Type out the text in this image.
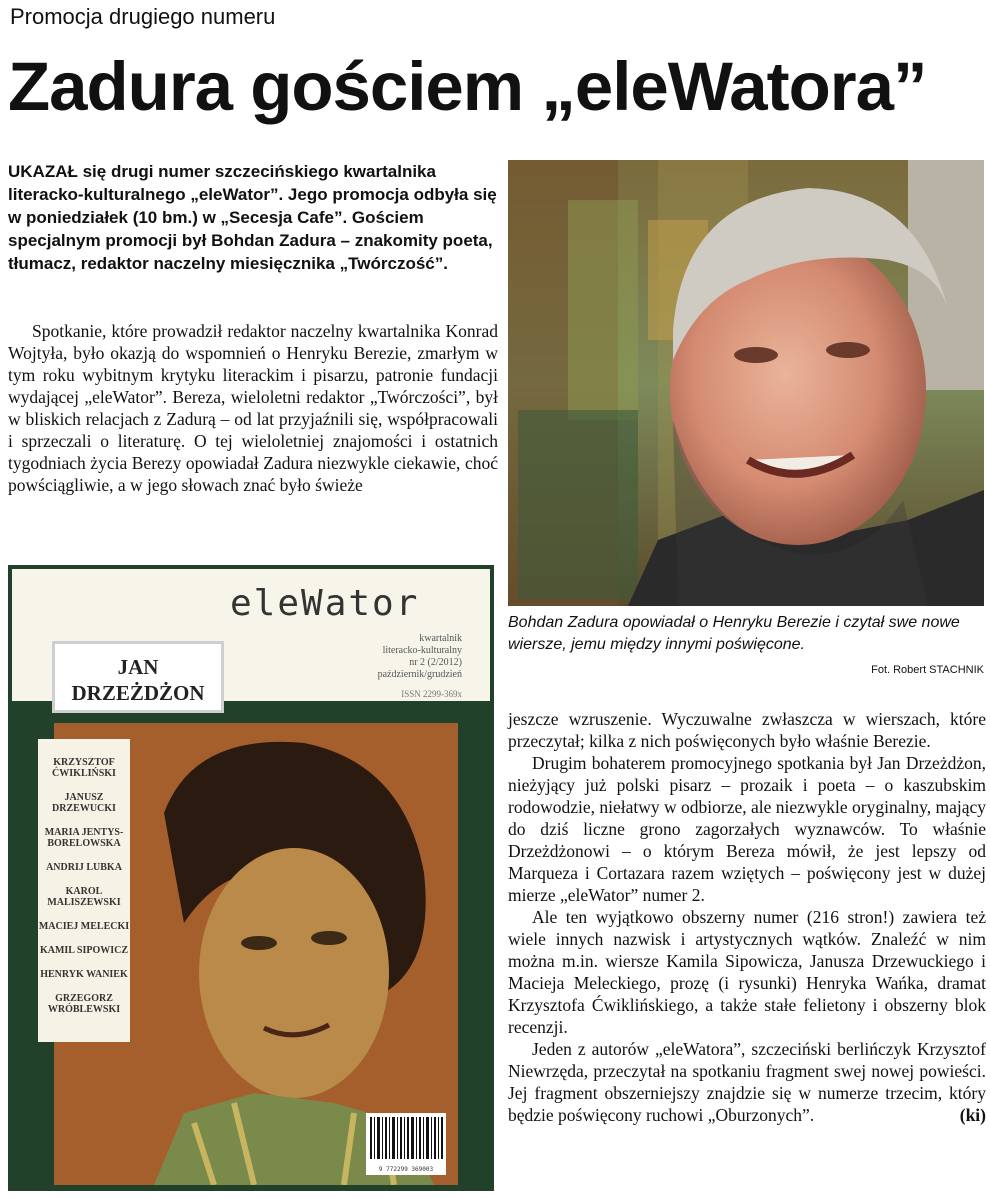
Promocja drugiego numeru
Zadura gościem „eleWatora”

UKAZAŁ się drugi numer szczecińskiego kwartalnika literacko-kulturalnego „eleWator”. Jego promocja odbyła się w poniedziałek (10 bm.) w „Secesja Cafe”. Gościem specjalnym promocji był Bohdan Zadura – znakomity poeta, tłumacz, redaktor naczelny miesięcznika „Twórczość”.

Spotkanie, które prowadził redaktor naczelny kwartalnika Konrad Wojtyła, było okazją do wspomnień o Henryku Berezie, zmarłym w tym roku wybitnym krytyku literackim i pisarzu, patronie fundacji wydającej „eleWator”. Bereza, wieloletni redaktor „Twórczości”, był w bliskich relacjach z Zadurą – od lat przyjaźnili się, współpracowali i sprzeczali o literaturę. O tej wieloletniej znajomości i ostatnich tygodniach życia Berezy opowiadał Zadura niezwykle ciekawie, choć powściągliwie, a w jego słowach znać było świeże

Bohdan Zadura opowiadał o Henryku Berezie i czytał swe nowe wiersze, jemu między innymi poświęcone.
Fot. Robert STACHNIK

jeszcze wzruszenie. Wyczuwalne zwłaszcza w wierszach, które przeczytał; kilka z nich poświęconych było właśnie Berezie.

Drugim bohaterem promocyjnego spotkania był Jan Drzeżdżon, nieżyjący już polski pisarz – prozaik i poeta – o kaszubskim rodowodzie, niełatwy w odbiorze, ale niezwykle oryginalny, mający do dziś liczne grono zagorzałych wyznawców. To właśnie Drzeżdżonowi – o którym Bereza mówił, że jest lepszy od Marqueza i Cortazara razem wziętych – poświęcony jest w dużej mierze „eleWator” numer 2.

Ale ten wyjątkowo obszerny numer (216 stron!) zawiera też wiele innych nazwisk i artystycznych wątków. Znaleźć w nim można m.in. wiersze Kamila Sipowicza, Janusza Drzewuckiego i Macieja Meleckiego, prozę (i rysunki) Henryka Wańka, dramat Krzysztofa Ćwiklińskiego, a także stałe felietony i obszerny blok recenzji.

Jeden z autorów „eleWatora”, szczeciński berlińczyk Krzysztof Niewrzęda, przeczytał na spotkaniu fragment swej nowej powieści. Jej fragment obszerniejszy znajdzie się w numerze trzecim, który będzie poświęcony ruchowi „Oburzonych”.	(ki)

eleWator
kwartalnik
literacko-kulturalny
nr 2 (2/2012)
październik/grudzień
ISSN 2299-369x
JAN
DRZEŻDŻON
KRZYSZTOF ĆWIKLIŃSKI
JANUSZ DRZEWUCKI
MARIA JENTYS-BORELOWSKA
ANDRIJ LUBKA
KAROL MALISZEWSKI
MACIEJ MELECKI
KAMIL SIPOWICZ
HENRYK WANIEK
GRZEGORZ WRÓBLEWSKI
9 772299 369003
